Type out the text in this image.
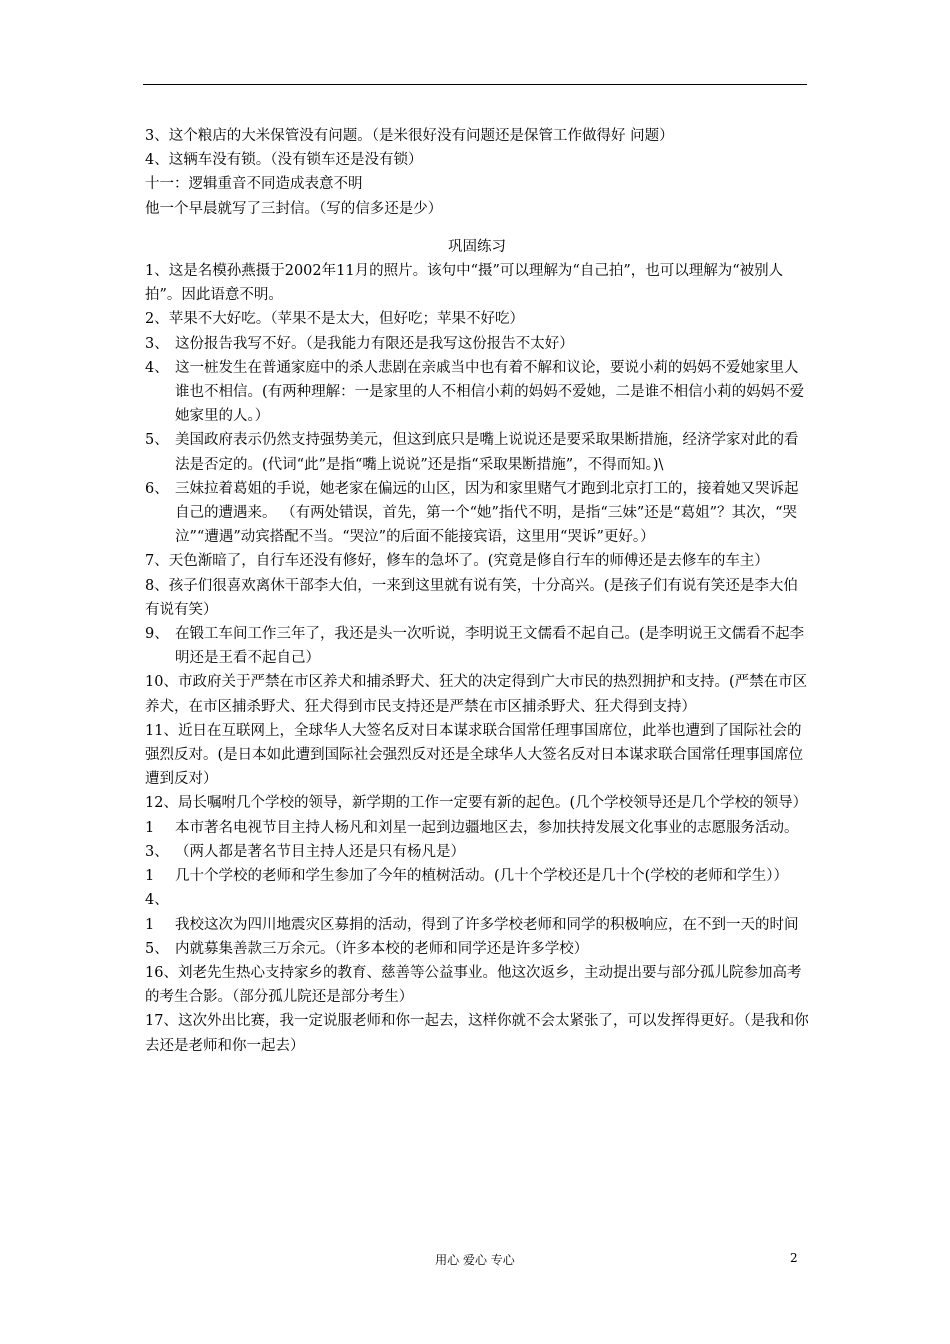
3、这个粮店的大米保管没有问题。（是米很好没有问题还是保管工作做得好 问题）

4、这辆车没有锁。（没有锁车还是没有锁）

十一：逻辑重音不同造成表意不明

他一个早晨就写了三封信。（写的信多还是少）

巩固练习

1、这是名模孙燕摄于2002年11月的照片。该句中“摄”可以理解为“自己拍”，也可以理解为“被别人拍”。因此语意不明。

2、苹果不大好吃。（苹果不是太大，但好吃；苹果不好吃）

3、 这份报告我写不好。（是我能力有限还是我写这份报告不太好）
4、 这一桩发生在普通家庭中的杀人悲剧在亲戚当中也有着不解和议论，要说小莉的妈妈不爱她家里人谁也不相信。(有两种理解：一是家里的人不相信小莉的妈妈不爱她，二是谁不相信小莉的妈妈不爱她家里的人。）
5、 美国政府表示仍然支持强势美元，但这到底只是嘴上说说还是要采取果断措施，经济学家对此的看法是否定的。(代词“此”是指“嘴上说说”还是指“采取果断措施”，不得而知。)\
6、 三妹拉着葛姐的手说，她老家在偏远的山区，因为和家里赌气才跑到北京打工的，接着她又哭诉起自己的遭遇来。 （有两处错误，首先，第一个“她”指代不明，是指“三妹”还是“葛姐”？其次，“哭泣”“遭遇”动宾搭配不当。“哭泣”的后面不能接宾语，这里用“哭诉”更好。）

7、天色渐暗了，自行车还没有修好，修车的急坏了。(究竟是修自行车的师傅还是去修车的车主）

8、孩子们很喜欢离休干部李大伯，一来到这里就有说有笑，十分高兴。(是孩子们有说有笑还是李大伯有说有笑）

9、 在锻工车间工作三年了，我还是头一次听说，李明说王文儒看不起自己。(是李明说王文儒看不起李明还是王看不起自己）

10、市政府关于严禁在市区养犬和捕杀野犬、狂犬的决定得到广大市民的热烈拥护和支持。(严禁在市区养犬，在市区捕杀野犬、狂犬得到市民支持还是严禁在市区捕杀野犬、狂犬得到支持）

11、近日在互联网上，全球华人大签名反对日本谋求联合国常任理事国席位，此举也遭到了国际社会的强烈反对。(是日本如此遭到国际社会强烈反对还是全球华人大签名反对日本谋求联合国常任理事国席位遭到反对）

12、局长嘱咐几个学校的领导，新学期的工作一定要有新的起色。(几个学校领导还是几个学校的领导）

13、
本市著名电视节目主持人杨凡和刘星一起到边疆地区去，参加扶持发展文化事业的志愿服务活动。（两人都是著名节目主持人还是只有杨凡是）
14、
几十个学校的老师和学生参加了今年的植树活动。(几十个学校还是几十个(学校的老师和学生））
15、
我校这次为四川地震灾区募捐的活动，得到了许多学校老师和同学的积极响应，在不到一天的时间内就募集善款三万余元。（许多本校的老师和同学还是许多学校）

16、刘老先生热心支持家乡的教育、慈善等公益事业。他这次返乡，主动提出要与部分孤儿院参加高考的考生合影。（部分孤儿院还是部分考生）

17、这次外出比赛，我一定说服老师和你一起去，这样你就不会太紧张了，可以发挥得更好。（是我和你去还是老师和你一起去）

用心 爱心 专心	2
